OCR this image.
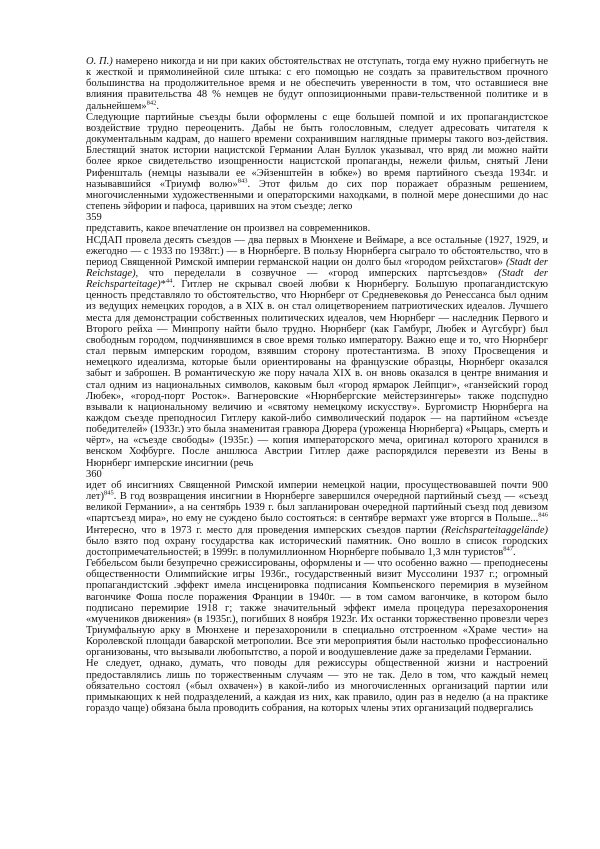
О. П.) намерено никогда и ни при каких обстоятельствах не отступать, тогда ему нужно прибегнуть не к жесткой и прямолинейной силе штыка: с его помощью не создать за правительством прочного большинства на продолжительное время и не обеспечить уверенности в том, что оставшиеся вне влияния правительства 48 % немцев не будут оппозиционными прави-тельственной политике и в дальнейшем»$^{842}$.

Следующие партийные съезды были оформлены с еще большей помпой и их пропагандистское воздействие трудно переоценить. Дабы не быть голословным, следует адресовать читателя к документальным кадрам, до нашего времени сохранившим наглядные примеры такого воз-действия. Блестящий знаток истории нацистской Германии Алан Буллок указывал, что вряд ли можно найти более яркое свидетельство изощренности нацистской пропаганды, нежели фильм, снятый Лени Рифеншталь (немцы называли ее «Эйзенштейн в юбке») во время партийного съезда 1934г. и называвшийся «Триумф волю»$^{843}$. Этот фильм до сих пор поражает образным решением, многочисленными художественными и операторскими находками, в полной мере донесшими до нас степень эйфории и пафоса, царивших на этом съезде; легко

359

представить, какое впечатление он произвел на современников.

НСДАП провела десять съездов — два первых в Мюнхене и Веймаре, а все остальные (1927, 1929, и ежегодно — с 1933 по 1938гг.) — в Нюрнберге. В пользу Нюрнберга сыграло то обстоятельство, что в период Священной Римской империи германской нации он долго был «городом рейхстагов» (Stadt der Reichstage), что переделали в созвучное — «город имперских партсъездов» (Stadt der Reichsparteitage)*$^{44}$. Гитлер не скрывал своей любви к Нюрнбергу. Большую пропагандистскую ценность представляло то обстоятельство, что Нюрнберг от Средневековья до Ренессанса был одним из ведущих немецких городов, а в XIX в. он стал олицетворением патриотических идеалов. Лучшего места для демонстрации собственных политических идеалов, чем Нюрнберг — наследник Первого и Второго рейха — Минпропу найти было трудно. Нюрнберг (как Гамбург, Любек и Аугсбург) был свободным городом, подчинявшимся в свое время только императору. Важно еще и то, что Нюрнберг стал первым имперским городом, взявшим сторону протестантизма. В эпоху Просвещения и немецкого идеализма, которые были ориентированы на французские образцы, Нюрнберг оказался забыт и заброшен. В романтическую же пору начала XIX в. он вновь оказался в центре внимания и стал одним из национальных символов, каковым был «город ярмарок Лейпциг», «ганзейский город Любек», «город-порт Росток». Вагнеровские «Нюрнбергские мейстерзингеры» также подспудно взывали к национальному величию и «святому немецкому искусству». Бургомистр Нюрнберга на каждом съезде преподносил Гитлеру какой-либо символический подарок — на партийном «съезде победителей» (1933г.) это была знаменитая гравюра Дюрера (уроженца Нюрнберга) «Рыцарь, смерть и чёрт», на «съезде свободы» (1935г.) — копия императорского меча, оригинал которого хранился в венском Хофбурге. После аншлюса Австрии Гитлер даже распорядился перевезти из Вены в Нюрнберг имперские инсигнии (речь

360

идет об инсигниях Священной Римской империи немецкой нации, просуществовавшей почти 900 лет)$^{845}$. В год возвращения инсигнии в Нюрнберге завершился очередной партийный съезд — «съезд великой Германии», а на сентябрь 1939 г. был запланирован очередной партийный съезд под девизом «партсъезд мира», но ему не суждено было состояться: в сентябре вермахт уже вторгся в Польше...$^{846}$ Интересно, что в 1973 г. место для проведения имперских съездов партии (Reichsparteitaggelände) было взято под охрану государства как исторический памятник. Оно вошло в список городских достопримечательностей; в 1999г. в полумиллионном Нюрнберге побывало 1,3 млн туристов$^{847}$.

Геббельсом были безупречно срежиссированы, оформлены и — что особенно важно — преподнесены общественности Олимпийские игры 1936г., государственный визит Муссолини 1937 г.; огромный пропагандистский .эффект имела инсценировка подписания Компьенского перемирия в музейном вагончике Фоша после поражения Франции в 1940г. — в том самом вагончике, в котором было подписано перемирие 1918 г; также значительный эффект имела процедура перезахоронения «мучеников движения» (в 1935г.), погибших 8 ноября 1923г. Их останки торжественно провезли через Триумфальную арку в Мюнхене и перезахоронили в специально отстроенном «Храме чести» на Королевской площади баварской метрополии. Все эти мероприятия были настолько профессионально организованы, что вызывали любопытство, а порой и воодушевление даже за пределами Германии.

Не следует, однако, думать, что поводы для режиссуры общественной жизни и настроений предоставлялись лишь по торжественным случаям — это не так. Дело в том, что каждый немец обязательно состоял («был охвачен») в какой-либо из многочисленных организаций партии или примыкающих к ней подразделений, а каждая из них, как правило, один раз в неделю (а на практике гораздо чаще) обязана была проводить собрания, на которых члены этих организаций подвергались
